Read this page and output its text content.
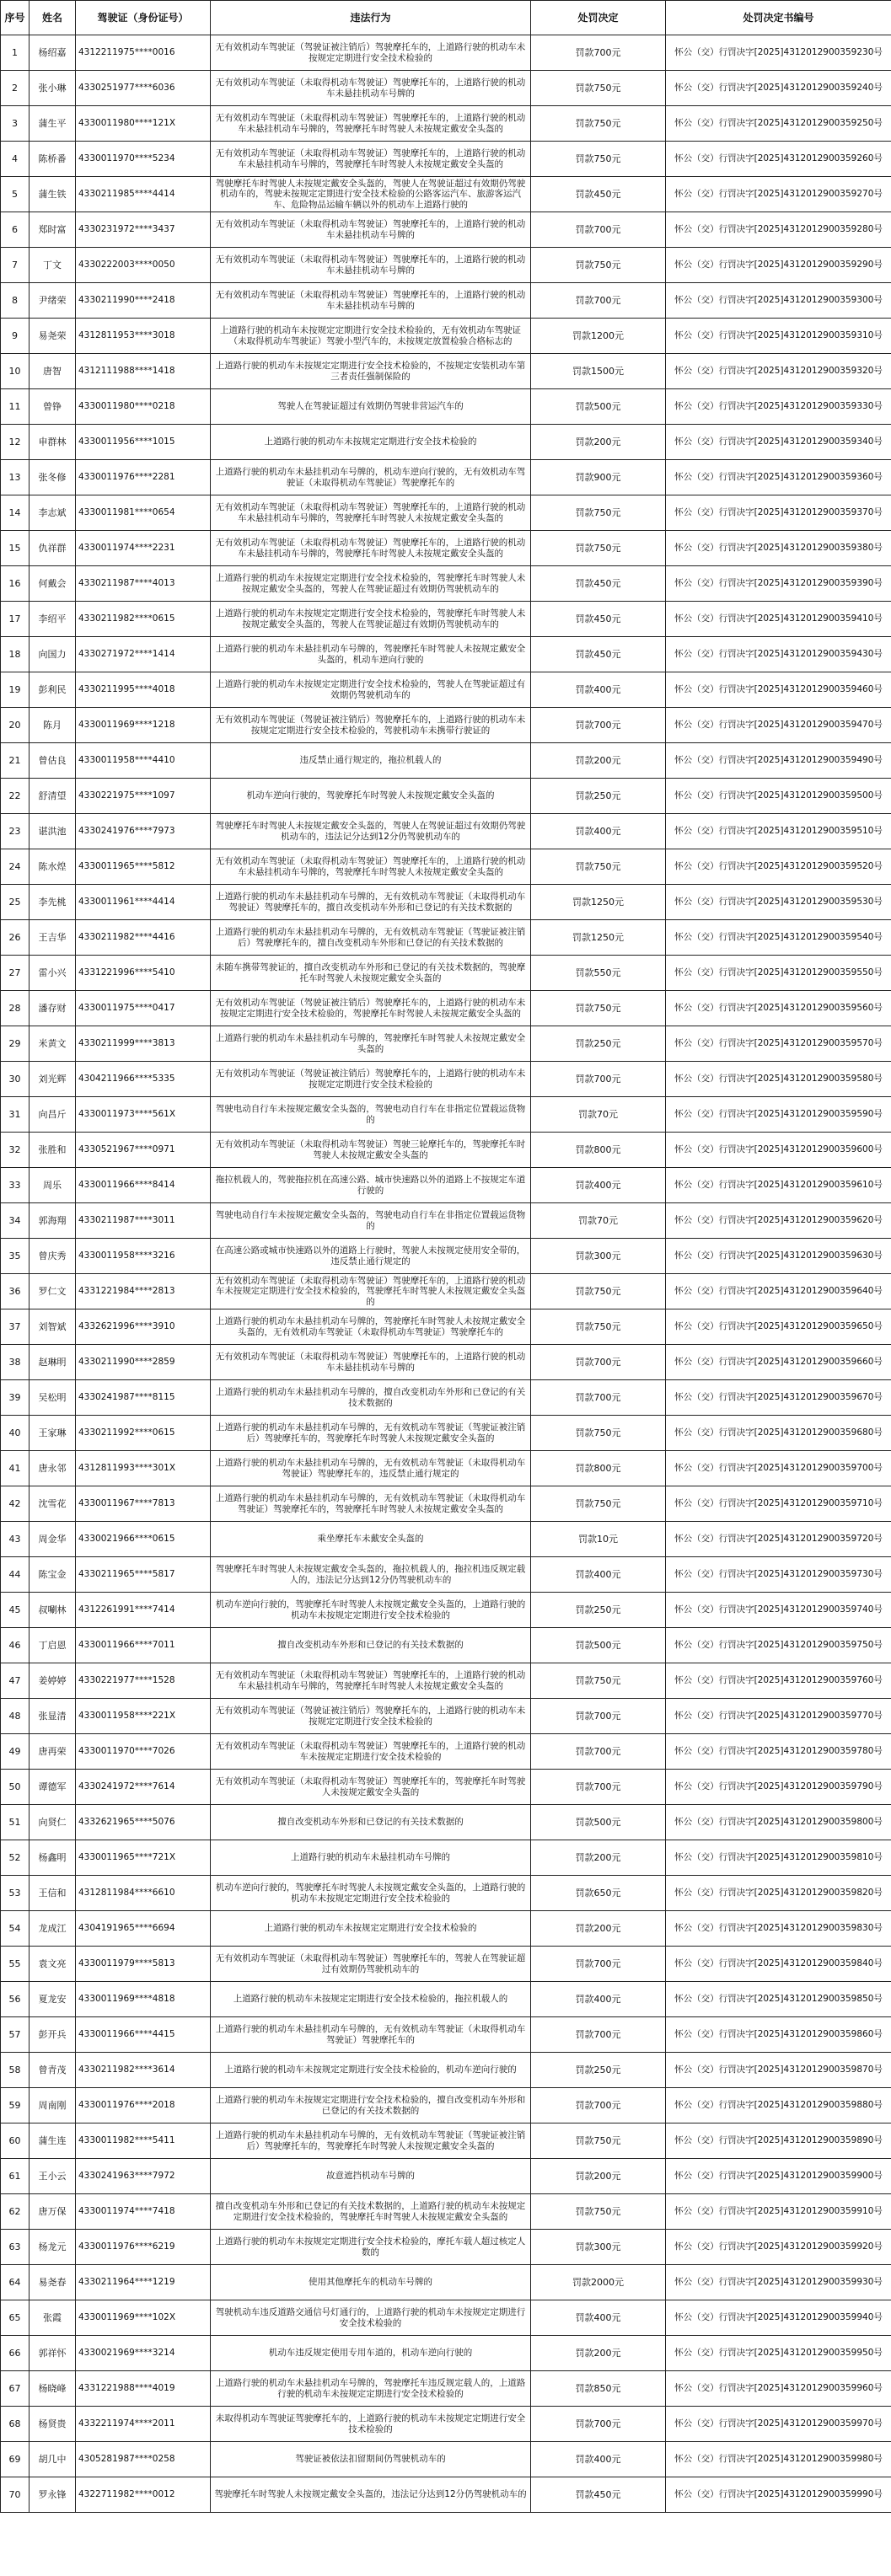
序号	姓名	驾驶证（身份证号）	违法行为	处罚决定	处罚决定书编号
1	杨绍嘉	431221197​5****0016	无有效机动车驾驶证（驾驶证被注销后）驾驶摩托车的，上道路行驶的机动车未按规定定期进行安全技术检验的	罚款700元	怀公（交）行罚决字[2025]431201290035923​0号
2	张小琳	433025197​7****6036	无有效机动车驾驶证（未取得机动车驾驶证）驾驶摩托车的，上道路行驶的机动车未悬挂机动车号牌的	罚款750元	怀公（交）行罚决字[2025]431201290035924​0号
3	蒲生平	433001198​0****121X	无有效机动车驾驶证（未取得机动车驾驶证）驾驶摩托车的，上道路行驶的机动车未悬挂机动车号牌的，驾驶摩托车时驾驶人未按规定戴安全头盔的	罚款750元	怀公（交）行罚决字[2025]431201290035925​0号
4	陈桥番	433001197​0****5234	无有效机动车驾驶证（未取得机动车驾驶证）驾驶摩托车的，上道路行驶的机动车未悬挂机动车号牌的，驾驶摩托车时驾驶人未按规定戴安全头盔的	罚款750元	怀公（交）行罚决字[2025]431201290035926​0号
5	蒲生铁	433021198​5****4414	驾驶摩托车时驾驶人未按规定戴安全头盔的，驾驶人在驾驶证超过有效期仍驾驶机动车的，驾驶未按规定定期进行安全技术检验的公路客运汽车、旅游客运汽车、危险物品运输车辆以外的机动车上道路行驶的	罚款450元	怀公（交）行罚决字[2025]431201290035927​0号
6	郑时富	433023197​2****3437	无有效机动车驾驶证（未取得机动车驾驶证）驾驶摩托车的，上道路行驶的机动车未悬挂机动车号牌的	罚款700元	怀公（交）行罚决字[2025]431201290035928​0号
7	丁文	433022200​3****0050	无有效机动车驾驶证（未取得机动车驾驶证）驾驶摩托车的，上道路行驶的机动车未悬挂机动车号牌的	罚款750元	怀公（交）行罚决字[2025]431201290035929​0号
8	尹绪荣	433021199​0****2418	无有效机动车驾驶证（未取得机动车驾驶证）驾驶摩托车的，上道路行驶的机动车未悬挂机动车号牌的	罚款700元	怀公（交）行罚决字[2025]431201290035930​0号
9	易尧荣	431281195​3****3018	上道路行驶的机动车未按规定定期进行安全技术检验的，无有效机动车驾驶证（未取得机动车驾驶证）驾驶小型汽车的，未按规定放置检验合格标志的	罚款1200元	怀公（交）行罚决字[2025]431201290035931​0号
10	唐智	431211198​8****1418	上道路行驶的机动车未按规定定期进行安全技术检验的，不按规定安装机动车第三者责任强制保险的	罚款1500元	怀公（交）行罚决字[2025]431201290035932​0号
11	曾铮	433001198​0****0218	驾驶人在驾驶证超过有效期仍驾驶非营运汽车的	罚款500元	怀公（交）行罚决字[2025]431201290035933​0号
12	申群林	433001195​6****1015	上道路行驶的机动车未按规定定期进行安全技术检验的	罚款200元	怀公（交）行罚决字[2025]431201290035934​0号
13	张冬修	433001197​6****2281	上道路行驶的机动车未悬挂机动车号牌的，机动车逆向行驶的，无有效机动车驾驶证（未取得机动车驾驶证）驾驶摩托车的	罚款900元	怀公（交）行罚决字[2025]431201290035936​0号
14	李志斌	433001198​1****0654	无有效机动车驾驶证（未取得机动车驾驶证）驾驶摩托车的，上道路行驶的机动车未悬挂机动车号牌的，驾驶摩托车时驾驶人未按规定戴安全头盔的	罚款750元	怀公（交）行罚决字[2025]431201290035937​0号
15	仇祥群	433001197​4****2231	无有效机动车驾驶证（未取得机动车驾驶证）驾驶摩托车的，上道路行驶的机动车未悬挂机动车号牌的，驾驶摩托车时驾驶人未按规定戴安全头盔的	罚款750元	怀公（交）行罚决字[2025]431201290035938​0号
16	何戴会	433021198​7****4013	上道路行驶的机动车未按规定定期进行安全技术检验的，驾驶摩托车时驾驶人未按规定戴安全头盔的，驾驶人在驾驶证超过有效期仍驾驶机动车的	罚款450元	怀公（交）行罚决字[2025]431201290035939​0号
17	李绍平	433021198​2****0615	上道路行驶的机动车未按规定定期进行安全技术检验的，驾驶摩托车时驾驶人未按规定戴安全头盔的，驾驶人在驾驶证超过有效期仍驾驶机动车的	罚款450元	怀公（交）行罚决字[2025]431201290035941​0号
18	向国力	433027197​2****1414	上道路行驶的机动车未悬挂机动车号牌的，驾驶摩托车时驾驶人未按规定戴安全头盔的，机动车逆向行驶的	罚款450元	怀公（交）行罚决字[2025]431201290035943​0号
19	彭利民	433021199​5****4018	上道路行驶的机动车未按规定定期进行安全技术检验的，驾驶人在驾驶证超过有效期仍驾驶机动车的	罚款400元	怀公（交）行罚决字[2025]431201290035946​0号
20	陈月	433001196​9****1218	无有效机动车驾驶证（驾驶证被注销后）驾驶摩托车的，上道路行驶的机动车未按规定定期进行安全技术检验的，驾驶机动车未携带行驶证的	罚款700元	怀公（交）行罚决字[2025]431201290035947​0号
21	曾估良	433001195​8****4410	违反禁止通行规定的，拖拉机载人的	罚款200元	怀公（交）行罚决字[2025]431201290035949​0号
22	舒清望	433022197​5****1097	机动车逆向行驶的，驾驶摩托车时驾驶人未按规定戴安全头盔的	罚款250元	怀公（交）行罚决字[2025]431201290035950​0号
23	谌洪池	433024197​6****7973	驾驶摩托车时驾驶人未按规定戴安全头盔的，驾驶人在驾驶证超过有效期仍驾驶机动车的，违法记分达到12分仍驾驶机动车的	罚款400元	怀公（交）行罚决字[2025]431201290035951​0号
24	陈水煌	433001196​5****5812	无有效机动车驾驶证（未取得机动车驾驶证）驾驶摩托车的，上道路行驶的机动车未悬挂机动车号牌的，驾驶摩托车时驾驶人未按规定戴安全头盔的	罚款750元	怀公（交）行罚决字[2025]431201290035952​0号
25	李先桃	433001196​1****4414	上道路行驶的机动车未悬挂机动车号牌的，无有效机动车驾驶证（未取得机动车驾驶证）驾驶摩托车的，擅自改变机动车外形和已登记的有关技术数据的	罚款1250元	怀公（交）行罚决字[2025]431201290035953​0号
26	王吉华	433021198​2****4416	上道路行驶的机动车未悬挂机动车号牌的，无有效机动车驾驶证（驾驶证被注销后）驾驶摩托车的，擅自改变机动车外形和已登记的有关技术数据的	罚款1250元	怀公（交）行罚决字[2025]431201290035954​0号
27	雷小兴	433122199​6****5410	未随车携带驾驶证的，擅自改变机动车外形和已登记的有关技术数据的，驾驶摩托车时驾驶人未按规定戴安全头盔的	罚款550元	怀公（交）行罚决字[2025]431201290035955​0号
28	潘存财	433001197​5****0417	无有效机动车驾驶证（驾驶证被注销后）驾驶摩托车的，上道路行驶的机动车未按规定定期进行安全技术检验的，驾驶摩托车时驾驶人未按规定戴安全头盔的	罚款750元	怀公（交）行罚决字[2025]431201290035956​0号
29	米黄文	433021199​9****3813	上道路行驶的机动车未悬挂机动车号牌的，驾驶摩托车时驾驶人未按规定戴安全头盔的	罚款250元	怀公（交）行罚决字[2025]431201290035957​0号
30	刘光辉	430421196​6****5335	无有效机动车驾驶证（驾驶证被注销后）驾驶摩托车的，上道路行驶的机动车未按规定定期进行安全技术检验的	罚款700元	怀公（交）行罚决字[2025]431201290035958​0号
31	向昌斤	433001197​3****561X	驾驶电动自行车未按规定戴安全头盔的，驾驶电动自行车在非指定位置载运货物的	罚款70元	怀公（交）行罚决字[2025]431201290035959​0号
32	张胜和	433052196​7****0971	无有效机动车驾驶证（未取得机动车驾驶证）驾驶三轮摩托车的，驾驶摩托车时驾驶人未按规定戴安全头盔的	罚款800元	怀公（交）行罚决字[2025]431201290035960​0号
33	周乐	433001196​6****8414	拖拉机载人的，驾驶拖拉机在高速公路、城市快速路以外的道路上不按规定车道行驶的	罚款400元	怀公（交）行罚决字[2025]431201290035961​0号
34	郭海翔	433021198​7****3011	驾驶电动自行车未按规定戴安全头盔的，驾驶电动自行车在非指定位置载运货物的	罚款70元	怀公（交）行罚决字[2025]431201290035962​0号
35	曾庆秀	433001195​8****3216	在高速公路或城市快速路以外的道路上行驶时，驾驶人未按规定使用安全带的，违反禁止通行规定的	罚款300元	怀公（交）行罚决字[2025]431201290035963​0号
36	罗仁文	433122198​4****2813	无有效机动车驾驶证（未取得机动车驾驶证）驾驶摩托车的，上道路行驶的机动车未按规定定期进行安全技术检验的，驾驶摩托车时驾驶人未按规定戴安全头盔的	罚款750元	怀公（交）行罚决字[2025]431201290035964​0号
37	刘智斌	433262199​6****3910	上道路行驶的机动车未悬挂机动车号牌的，驾驶摩托车时驾驶人未按规定戴安全头盔的，无有效机动车驾驶证（未取得机动车驾驶证）驾驶摩托车的	罚款750元	怀公（交）行罚决字[2025]431201290035965​0号
38	赵琳明	433021199​0****2859	无有效机动车驾驶证（未取得机动车驾驶证）驾驶摩托车的，上道路行驶的机动车未悬挂机动车号牌的	罚款700元	怀公（交）行罚决字[2025]431201290035966​0号
39	吴松明	433024198​7****8115	上道路行驶的机动车未悬挂机动车号牌的，擅自改变机动车外形和已登记的有关技术数据的	罚款700元	怀公（交）行罚决字[2025]431201290035967​0号
40	王家琳	433021199​2****0615	上道路行驶的机动车未悬挂机动车号牌的，无有效机动车驾驶证（驾驶证被注销后）驾驶摩托车的，驾驶摩托车时驾驶人未按规定戴安全头盔的	罚款750元	怀公（交）行罚决字[2025]431201290035968​0号
41	唐永邻	431281199​3****301X	上道路行驶的机动车未悬挂机动车号牌的，无有效机动车驾驶证（未取得机动车驾驶证）驾驶摩托车的，违反禁止通行规定的	罚款800元	怀公（交）行罚决字[2025]431201290035970​0号
42	沈雪花	433001196​7****7813	上道路行驶的机动车未悬挂机动车号牌的，无有效机动车驾驶证（未取得机动车驾驶证）驾驶摩托车的，驾驶摩托车时驾驶人未按规定戴安全头盔的	罚款750元	怀公（交）行罚决字[2025]431201290035971​0号
43	周金华	433002196​6****0615	乘坐摩托车未戴安全头盔的	罚款10元	怀公（交）行罚决字[2025]431201290035972​0号
44	陈宝金	433021196​5****5817	驾驶摩托车时驾驶人未按规定戴安全头盔的，拖拉机载人的，拖拉机违反规定载人的，违法记分达到12分仍驾驶机动车的	罚款400元	怀公（交）行罚决字[2025]431201290035973​0号
45	叔唰林	431226199​1****7414	机动车逆向行驶的，驾驶摩托车时驾驶人未按规定戴安全头盔的，上道路行驶的机动车未按规定定期进行安全技术检验的	罚款250元	怀公（交）行罚决字[2025]431201290035974​0号
46	丁启恩	433001196​6****7011	擅自改变机动车外形和已登记的有关技术数据的	罚款500元	怀公（交）行罚决字[2025]431201290035975​0号
47	姜婷婷	433022197​7****1528	无有效机动车驾驶证（未取得机动车驾驶证）驾驶摩托车的，上道路行驶的机动车未悬挂机动车号牌的，驾驶摩托车时驾驶人未按规定戴安全头盔的	罚款750元	怀公（交）行罚决字[2025]431201290035976​0号
48	张显清	433001195​8****221X	无有效机动车驾驶证（驾驶证被注销后）驾驶摩托车的，上道路行驶的机动车未按规定定期进行安全技术检验的	罚款700元	怀公（交）行罚决字[2025]431201290035977​0号
49	唐再荣	433001197​0****7026	无有效机动车驾驶证（未取得机动车驾驶证）驾驶摩托车的，上道路行驶的机动车未按规定定期进行安全技术检验的	罚款700元	怀公（交）行罚决字[2025]431201290035978​0号
50	谭德军	433024197​2****7614	无有效机动车驾驶证（未取得机动车驾驶证）驾驶摩托车的，驾驶摩托车时驾驶人未按规定戴安全头盔的	罚款700元	怀公（交）行罚决字[2025]431201290035979​0号
51	向贤仁	433262196​5****5076	擅自改变机动车外形和已登记的有关技术数据的	罚款500元	怀公（交）行罚决字[2025]431201290035980​0号
52	杨鑫明	433001196​5****721X	上道路行驶的机动车未悬挂机动车号牌的	罚款200元	怀公（交）行罚决字[2025]431201290035981​0号
53	王信和	431281198​4****6610	机动车逆向行驶的，驾驶摩托车时驾驶人未按规定戴安全头盔的，上道路行驶的机动车未按规定定期进行安全技术检验的	罚款650元	怀公（交）行罚决字[2025]431201290035982​0号
54	龙成江	430419196​5****6694	上道路行驶的机动车未按规定定期进行安全技术检验的	罚款200元	怀公（交）行罚决字[2025]431201290035983​0号
55	袁文亮	433001197​9****5813	无有效机动车驾驶证（未取得机动车驾驶证）驾驶摩托车的，驾驶人在驾驶证超过有效期仍驾驶机动车的	罚款700元	怀公（交）行罚决字[2025]431201290035984​0号
56	夏龙安	433001196​9****4818	上道路行驶的机动车未按规定定期进行安全技术检验的，拖拉机载人的	罚款400元	怀公（交）行罚决字[2025]431201290035985​0号
57	彭开兵	433001196​6****4415	上道路行驶的机动车未悬挂机动车号牌的，无有效机动车驾驶证（未取得机动车驾驶证）驾驶摩托车的	罚款700元	怀公（交）行罚决字[2025]431201290035986​0号
58	曾青茂	433021198​2****3614	上道路行驶的机动车未按规定定期进行安全技术检验的，机动车逆向行驶的	罚款250元	怀公（交）行罚决字[2025]431201290035987​0号
59	周南刚	433001197​6****2018	上道路行驶的机动车未按规定定期进行安全技术检验的，擅自改变机动车外形和已登记的有关技术数据的	罚款700元	怀公（交）行罚决字[2025]431201290035988​0号
60	蒲生连	433001198​2****5411	上道路行驶的机动车未悬挂机动车号牌的，无有效机动车驾驶证（驾驶证被注销后）驾驶摩托车的，驾驶摩托车时驾驶人未按规定戴安全头盔的	罚款750元	怀公（交）行罚决字[2025]431201290035989​0号
61	王小云	433024196​3****7972	故意遮挡机动车号牌的	罚款200元	怀公（交）行罚决字[2025]431201290035990​0号
62	唐万保	433001197​4****7418	擅自改变机动车外形和已登记的有关技术数据的，上道路行驶的机动车未按规定定期进行安全技术检验的，驾驶摩托车时驾驶人未按规定戴安全头盔的	罚款750元	怀公（交）行罚决字[2025]431201290035991​0号
63	杨龙元	433001197​6****6219	上道路行驶的机动车未按规定定期进行安全技术检验的，摩托车载人超过核定人数的	罚款300元	怀公（交）行罚决字[2025]431201290035992​0号
64	易尧春	433021196​4****1219	使用其他摩托车的机动车号牌的	罚款2000元	怀公（交）行罚决字[2025]431201290035993​0号
65	张霞	433001196​9****102X	驾驶机动车违反道路交通信号灯通行的，上道路行驶的机动车未按规定定期进行安全技术检验的	罚款400元	怀公（交）行罚决字[2025]431201290035994​0号
66	郭祥怀	433002196​9****3214	机动车违反规定使用专用车道的，机动车逆向行驶的	罚款200元	怀公（交）行罚决字[2025]431201290035995​0号
67	杨晓峰	433122198​8****4019	上道路行驶的机动车未悬挂机动车号牌的，驾驶摩托车违反规定载人的，上道路行驶的机动车未按规定定期进行安全技术检验的	罚款850元	怀公（交）行罚决字[2025]431201290035996​0号
68	杨贤贵	433221197​4****2011	未取得机动车驾驶证驾驶摩托车的，上道路行驶的机动车未按规定定期进行安全技术检验的	罚款700元	怀公（交）行罚决字[2025]431201290035997​0号
69	胡几中	430528198​7****0258	驾驶证被依法扣留期间仍驾驶机动车的	罚款400元	怀公（交）行罚决字[2025]431201290035998​0号
70	罗永锋	432271198​2****0012	驾驶摩托车时驾驶人未按规定戴安全头盔的，违法记分达到12分仍驾驶机动车的	罚款450元	怀公（交）行罚决字[2025]431201290035999​0号
